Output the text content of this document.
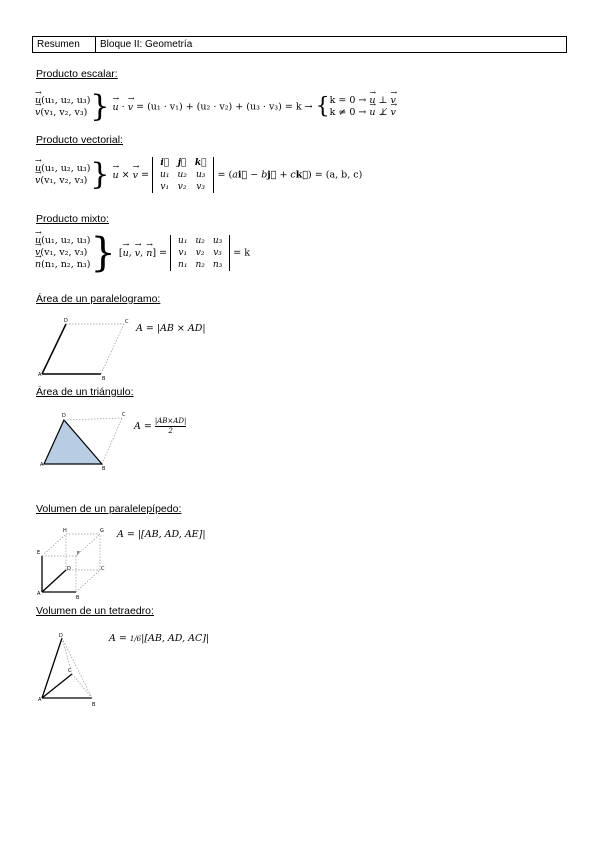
Resumen	Bloque II: Geometría
Producto escalar:
→ u(u₁, u₂, u₃)
→ v(v₁, v₂, v₃) } → u · → v = (u₁ · v₁) + (u₂ · v₂) + (u₃ · v₃) = k → {k = 0 → → u ⊥ → v
k ≠ 0 → → u ⊥̸ → v
Producto vectorial:
→ u(u₁, u₂, u₃)
→ v(v₁, v₂, v₃) } → u × → v =
i⃗	j⃗	k⃗
u₁	u₂	u₃
v₁	v₂	v₃
= (ai⃗ − bj⃗ + ck⃗) = (a, b, c)
Producto mixto:
→ u(u₁, u₂, u₃)
→ v(v₁, v₂, v₃)
→ n(n₁, n₂, n₃)} [→ u, → v, → n] =
u₁	u₂	u₃
v₁	v₂	v₃
n₁	n₂	n₃
= k
Área de un paralelogramo:
A
B
C
D
A = |AB × AD|
Área de un triángulo:
A
B
C
D
$A = \frac{|AB\times AD|}{2}$
Volumen de un paralelepípedo:
A
B
E
D
H	G
C
F
A = |[AB, AD, AE]|
Volumen de un tetraedro:
A
B
C
D	A = 1/6|[AB, AD, AC]|
